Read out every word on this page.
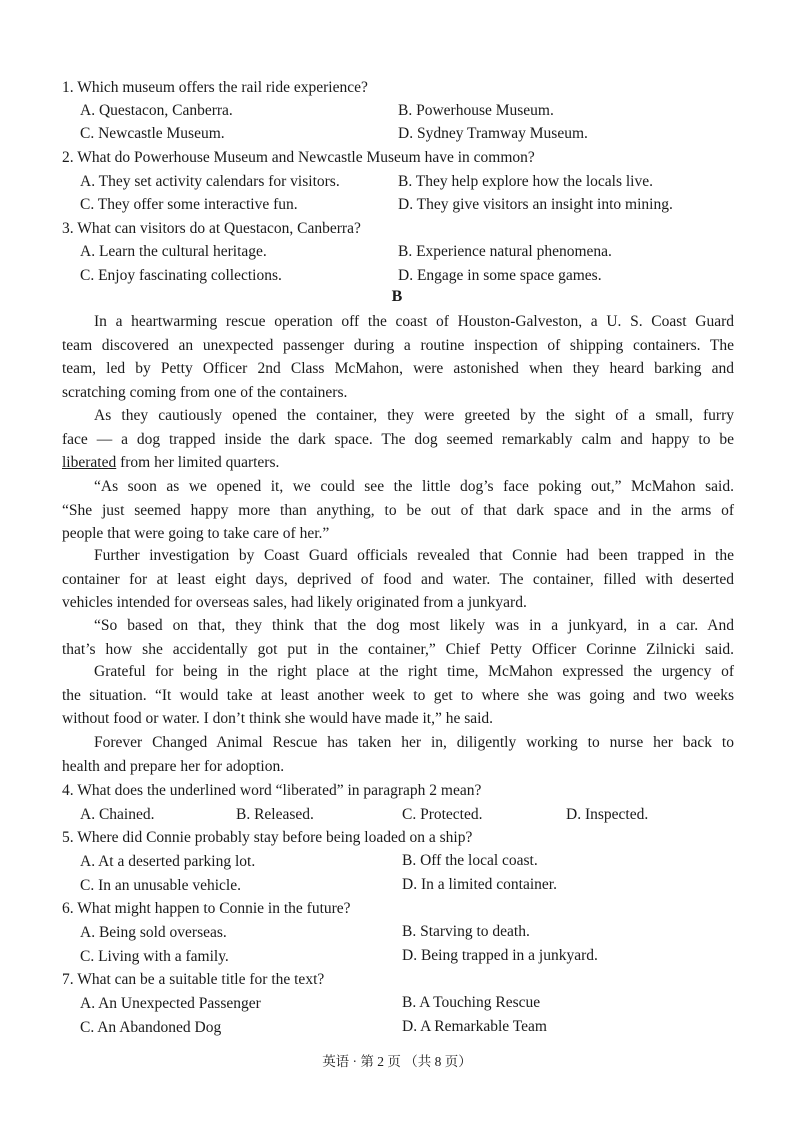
1. Which museum offers the rail ride experience?
A. Questacon, Canberra.	B. Powerhouse Museum.
C. Newcastle Museum.	D. Sydney Tramway Museum.
2. What do Powerhouse Museum and Newcastle Museum have in common?
A. They set activity calendars for visitors.	B. They help explore how the locals live.
C. They offer some interactive fun.	D. They give visitors an insight into mining.
3. What can visitors do at Questacon, Canberra?
A. Learn the cultural heritage.	B. Experience natural phenomena.
C. Enjoy fascinating collections.	D. Engage in some space games.
B
In a heartwarming rescue operation off the coast of Houston-Galveston, a U. S. Coast Guard
team discovered an unexpected passenger during a routine inspection of shipping containers. The
team, led by Petty Officer 2nd Class McMahon, were astonished when they heard barking and
scratching coming from one of the containers.
As they cautiously opened the container, they were greeted by the sight of a small, furry
face — a dog trapped inside the dark space. The dog seemed remarkably calm and happy to be
liberated from her limited quarters.
“As soon as we opened it, we could see the little dog’s face poking out,” McMahon said.
“She just seemed happy more than anything, to be out of that dark space and in the arms of
people that were going to take care of her.”
Further investigation by Coast Guard officials revealed that Connie had been trapped in the
container for at least eight days, deprived of food and water. The container, filled with deserted
vehicles intended for overseas sales, had likely originated from a junkyard.
“So based on that, they think that the dog most likely was in a junkyard, in a car. And
that’s how she accidentally got put in the container,” Chief Petty Officer Corinne Zilnicki said.
Grateful for being in the right place at the right time, McMahon expressed the urgency of
the situation. “It would take at least another week to get to where she was going and two weeks
without food or water. I don’t think she would have made it,” he said.
Forever Changed Animal Rescue has taken her in, diligently working to nurse her back to
health and prepare her for adoption.
4. What does the underlined word “liberated” in paragraph 2 mean?
A. Chained.	B. Released.	C. Protected.	D. Inspected.
5. Where did Connie probably stay before being loaded on a ship?
A. At a deserted parking lot.	B. Off the local coast.
C. In an unusable vehicle.	D. In a limited container.
6. What might happen to Connie in the future?
A. Being sold overseas.	B. Starving to death.
C. Living with a family.	D. Being trapped in a junkyard.
7. What can be a suitable title for the text?
A. An Unexpected Passenger	B. A Touching Rescue
C. An Abandoned Dog	D. A Remarkable Team
英语 · 第 2 页 （共 8 页）
